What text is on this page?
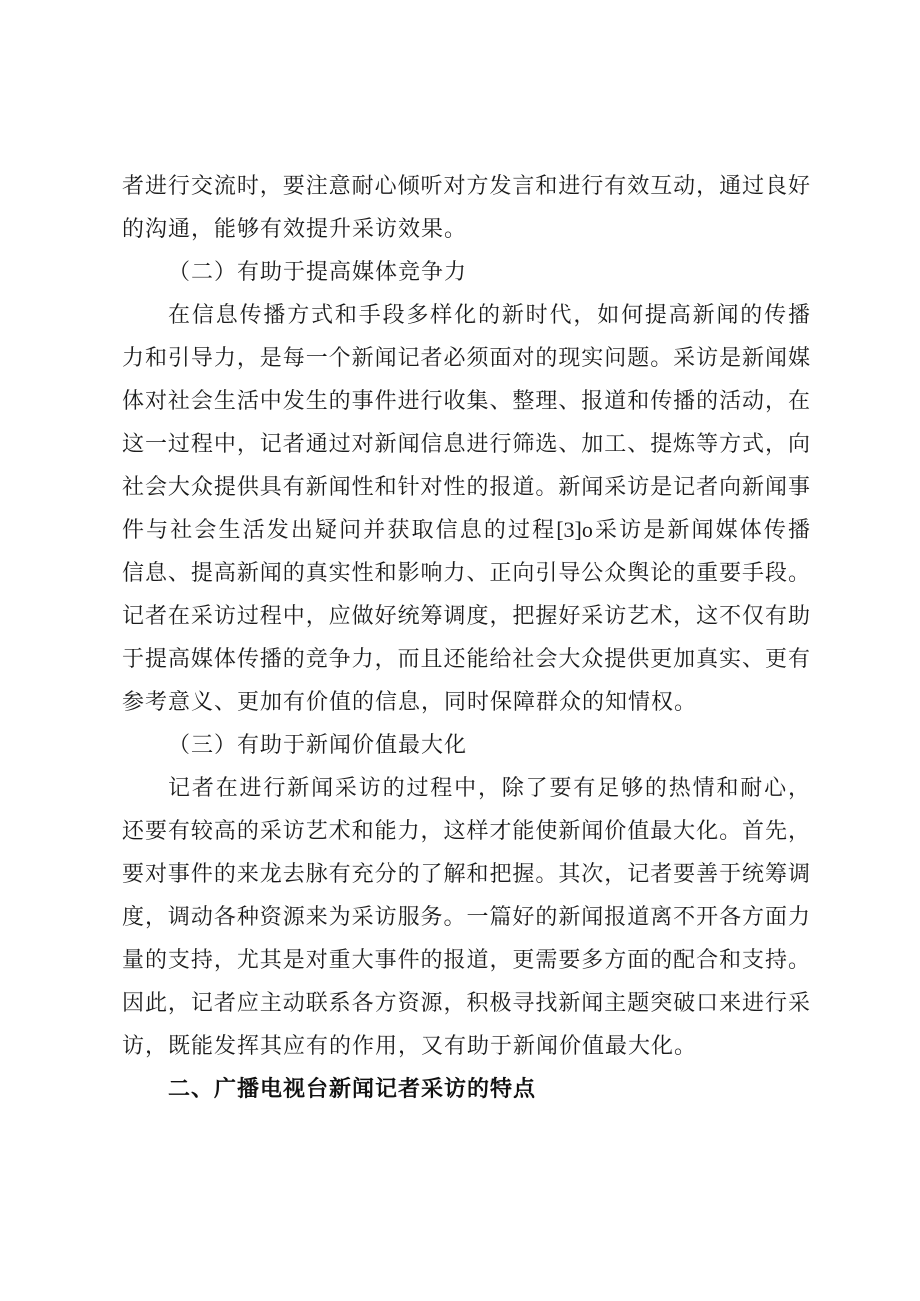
者进行交流时，要注意耐心倾听对方发言和进行有效互动，通过良好
的沟通，能够有效提升采访效果。
（二）有助于提高媒体竞争力
在信息传播方式和手段多样化的新时代，如何提高新闻的传播
力和引导力，是每一个新闻记者必须面对的现实问题。采访是新闻媒
体对社会生活中发生的事件进行收集、整理、报道和传播的活动，在
这一过程中，记者通过对新闻信息进行筛选、加工、提炼等方式，向
社会大众提供具有新闻性和针对性的报道。新闻采访是记者向新闻事
件与社会生活发出疑问并获取信息的过程[3]o采访是新闻媒体传播
信息、提高新闻的真实性和影响力、正向引导公众舆论的重要手段。
记者在采访过程中，应做好统筹调度，把握好采访艺术，这不仅有助
于提高媒体传播的竞争力，而且还能给社会大众提供更加真实、更有
参考意义、更加有价值的信息，同时保障群众的知情权。
（三）有助于新闻价值最大化
记者在进行新闻采访的过程中，除了要有足够的热情和耐心，
还要有较高的采访艺术和能力，这样才能使新闻价值最大化。首先，
要对事件的来龙去脉有充分的了解和把握。其次，记者要善于统筹调
度，调动各种资源来为采访服务。一篇好的新闻报道离不开各方面力
量的支持，尤其是对重大事件的报道，更需要多方面的配合和支持。
因此，记者应主动联系各方资源，积极寻找新闻主题突破口来进行采
访，既能发挥其应有的作用，又有助于新闻价值最大化。
二、广播电视台新闻记者采访的特点
